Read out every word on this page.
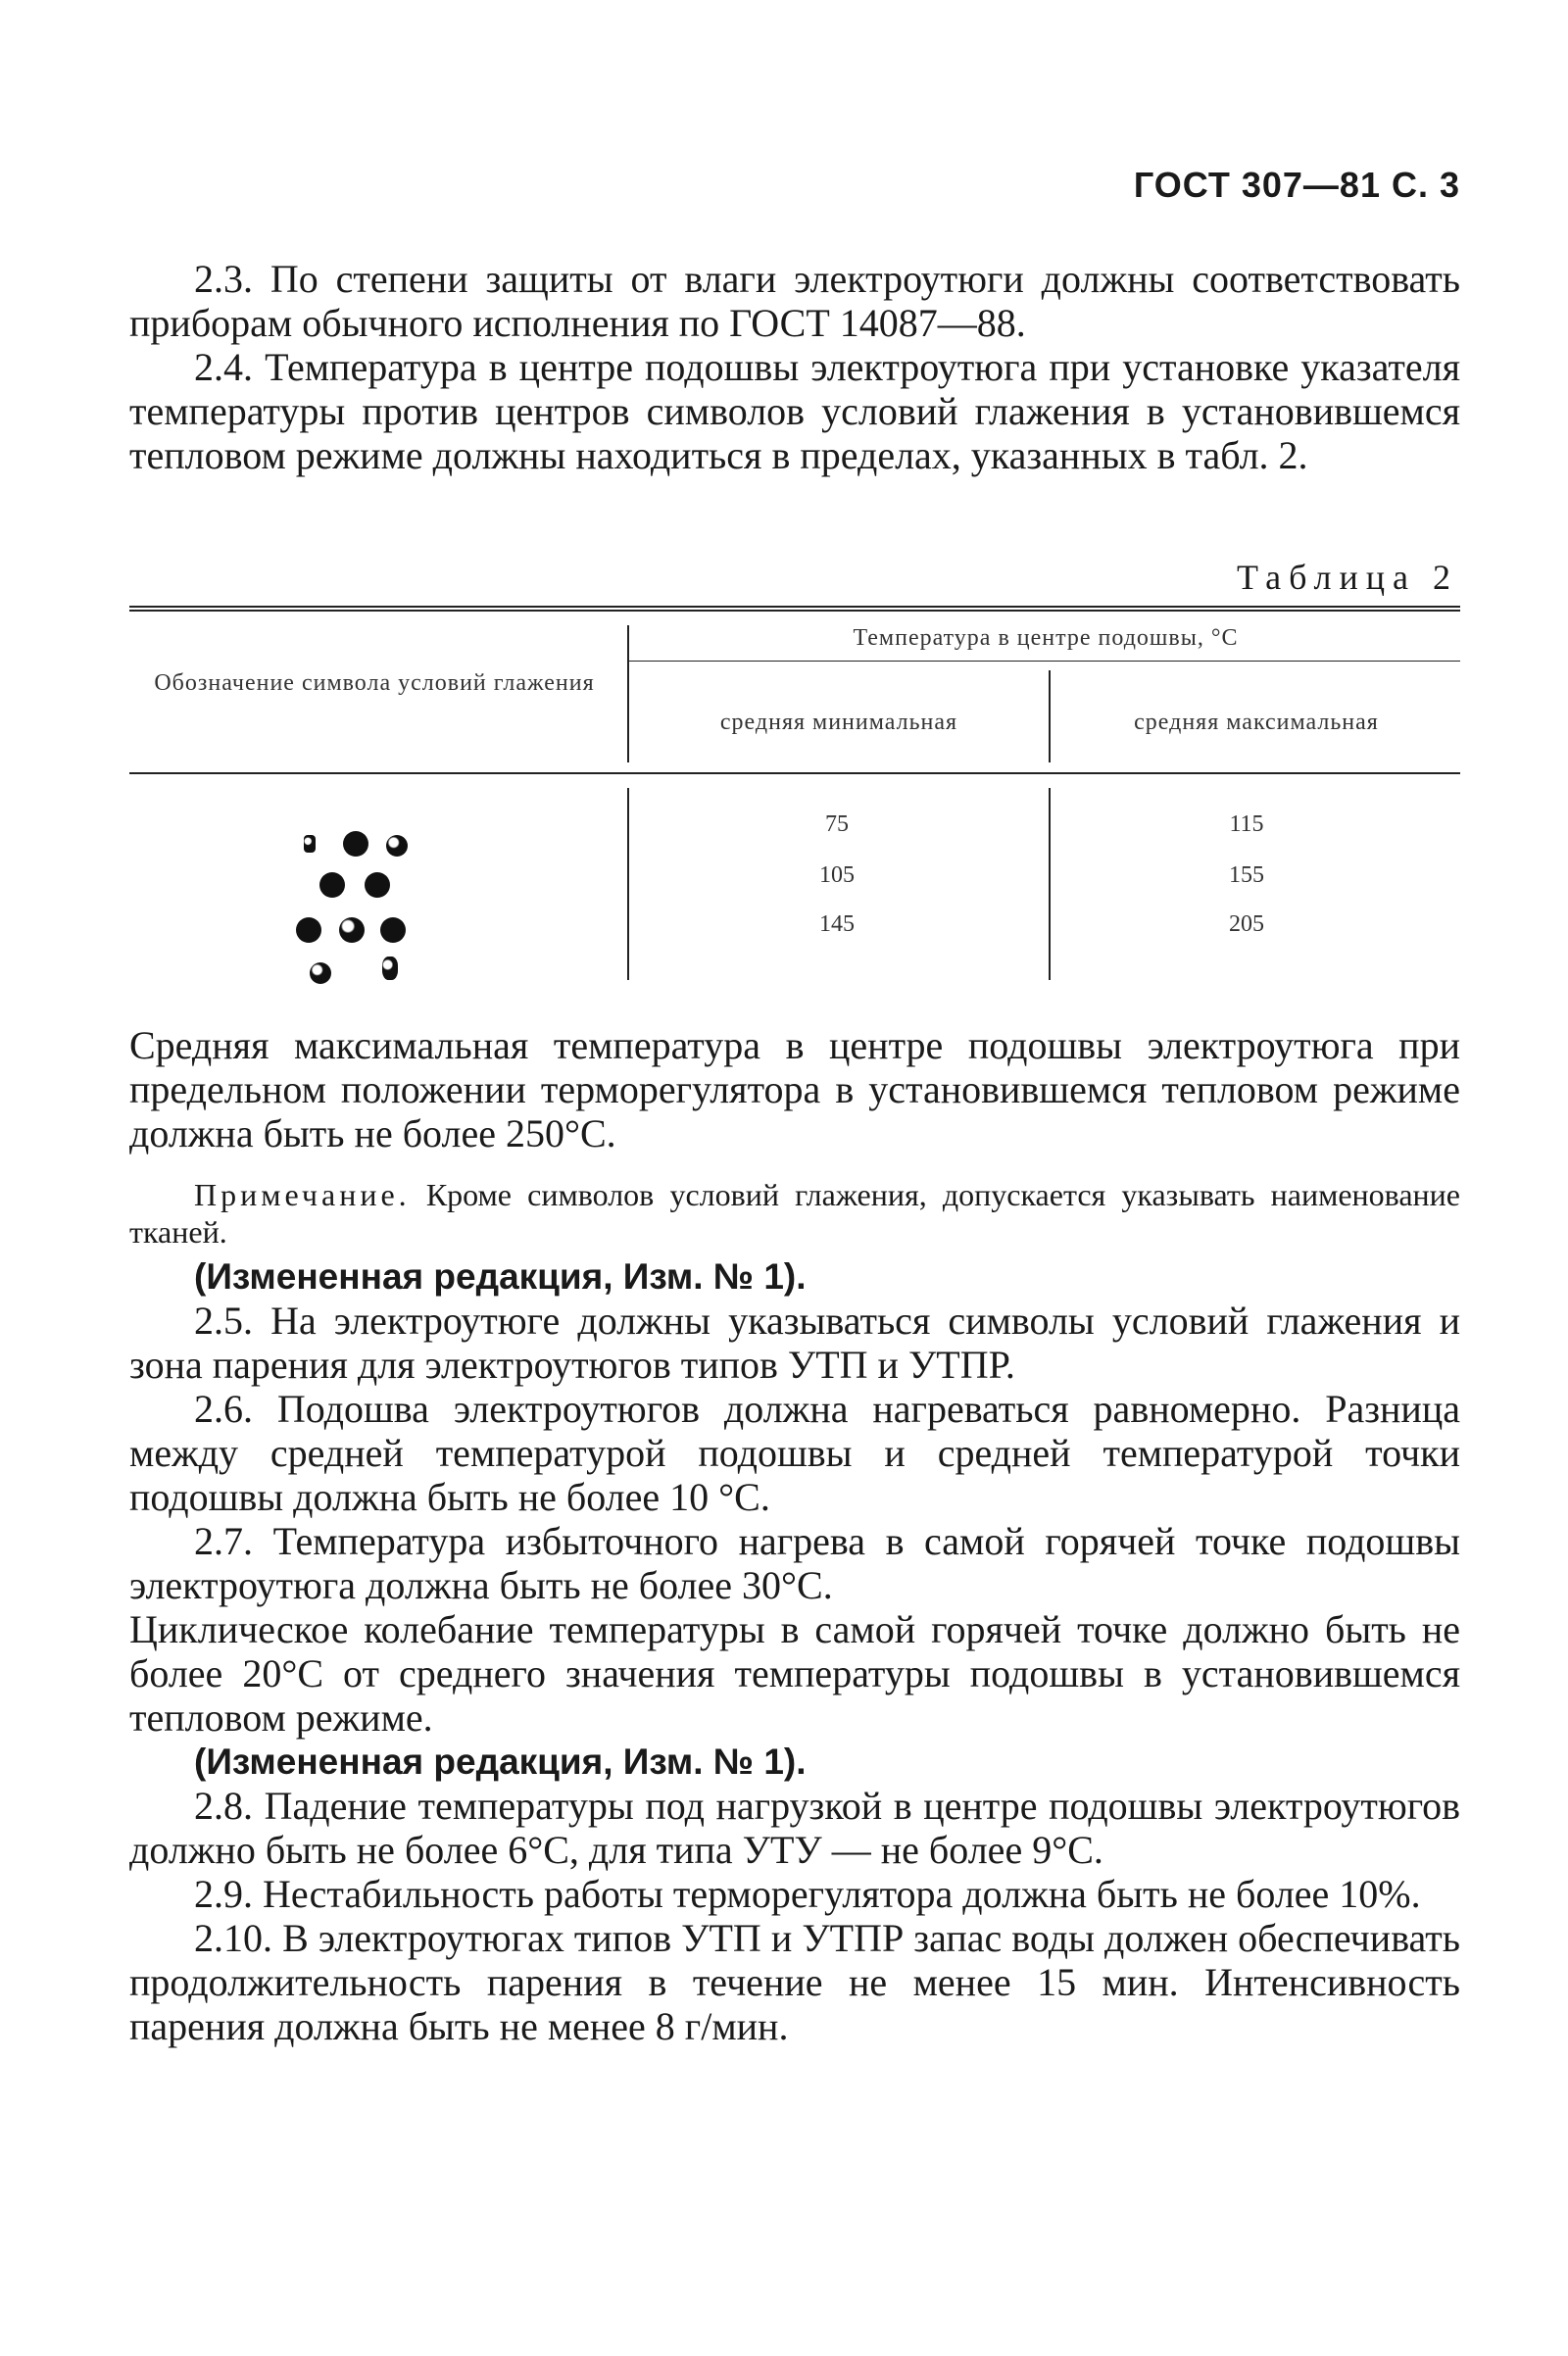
ГОСТ 307—81 С. 3

2.3. По степени защиты от влаги электроутюги должны соответствовать приборам обычного исполнения по ГОСТ 14087—88.

2.4. Температура в центре подошвы электроутюга при установке указателя температуры против центров символов условий глажения в установившемся тепловом режиме должны находиться в пределах, указанных в табл. 2.

Таблица 2
Обозначение символа условий глажения
Температура в центре подошвы, °С
средняя минимальная	средняя максимальная
75	115
105	155
145	205

Средняя максимальная температура в центре подошвы электроутюга при предельном положении терморегулятора в установившемся тепловом режиме должна быть не более 250°С.

Примечание. Кроме символов условий глажения, допускается указывать наименование тканей.

(Измененная редакция, Изм. № 1).

2.5. На электроутюге должны указываться символы условий глажения и зона парения для электроутюгов типов УТП и УТПР.

2.6. Подошва электроутюгов должна нагреваться равномерно. Разница между средней температурой подошвы и средней температурой точки подошвы должна быть не более 10 °С.

2.7. Температура избыточного нагрева в самой горячей точке подошвы электроутюга должна быть не более 30°С.

Циклическое колебание температуры в самой горячей точке должно быть не более 20°С от среднего значения температуры подошвы в установившемся тепловом режиме.

(Измененная редакция, Изм. № 1).

2.8. Падение температуры под нагрузкой в центре подошвы электроутюгов должно быть не более 6°С, для типа УТУ — не более 9°С.

2.9. Нестабильность работы терморегулятора должна быть не более 10%.

2.10. В электроутюгах типов УТП и УТПР запас воды должен обеспечивать продолжительность парения в течение не менее 15 мин. Интенсивность парения должна быть не менее 8 г/мин.
